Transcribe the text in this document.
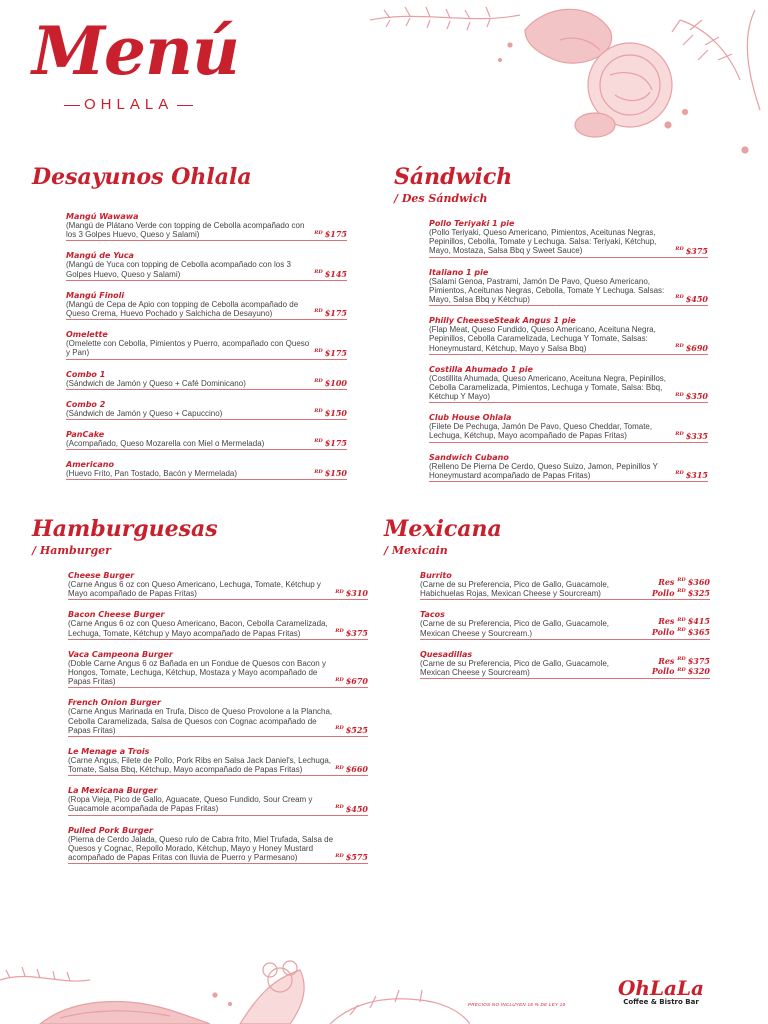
Menú
OHLALA
Desayunos Ohlala
Mangú Wawawa
(Mangú de Plátano Verde con topping de Cebolla acompañado con los 3 Golpes Huevo, Queso y Salami)	$^{RD}$ $175
Mangú de Yuca
(Mangú de Yuca con topping de Cebolla acompañado con los 3 Golpes Huevo, Queso y Salami)	$^{RD}$ $145
Mangú Finoli
(Mangú de Cepa de Apio con topping de Cebolla acompañado de Queso Crema, Huevo Pochado y Salchicha de Desayuno)	$^{RD}$ $175
Omelette
(Omelette con Cebolla, Pimientos y Puerro, acompañado con Queso y Pan)	$^{RD}$ $175
Combo 1
(Sándwich de Jamón y Queso + Café Dominicano)	$^{RD}$ $100
Combo 2
(Sándwich de Jamón y Queso + Capuccino)	$^{RD}$ $150
PanCake
(Acompañado, Queso Mozarella con Miel o Mermelada)	$^{RD}$ $175
Americano
(Huevo Frito, Pan Tostado, Bacón y Mermelada)	$^{RD}$ $150
Sándwich
/ Des Sándwich
Pollo Teriyaki 1 pie
(Pollo Teriyaki, Queso Americano, Pimientos, Aceitunas Negras, Pepinillos, Cebolla, Tomate y Lechuga. Salsa: Teriyaki, Kétchup, Mayo, Mostaza, Salsa Bbq y Sweet Sauce)	$^{RD}$ $375
Italiano 1 pie
(Salami Genoa, Pastrami, Jamón De Pavo, Queso Americano, Pimientos, Aceitunas Negras, Cebolla, Tomate Y Lechuga. Salsas: Mayo, Salsa Bbq y Kétchup)	$^{RD}$ $450
Philly CheesseSteak Angus 1 pie
(Flap Meat, Queso Fundido, Queso Americano, Aceituna Negra, Pepinillos, Cebolla Caramelizada, Lechuga Y Tomate, Salsas: Honeymustard, Kétchup, Mayo y Salsa Bbq)	$^{RD}$ $690
Costilla Ahumado 1 pie
(Costillita Ahumada, Queso Americano, Aceituna Negra, Pepinillos, Cebolla Caramelizada, Pimientos, Lechuga y Tomate, Salsa: Bbq, Kétchup Y Mayo)	$^{RD}$ $350
Club House Ohlala
(Filete De Pechuga, Jamón De Pavo, Queso Cheddar, Tomate, Lechuga, Kétchup, Mayo acompañado de Papas Fritas)	$^{RD}$ $335
Sandwich Cubano
(Relleno De Pierna De Cerdo, Queso Suizo, Jamon, Pepinillos Y Honeymustard acompañado de Papas Fritas)	$^{RD}$ $315
Hamburguesas
/ Hamburger
Cheese Burger
(Carne Angus 6 oz con Queso Americano, Lechuga, Tomate, Kétchup y Mayo acompañado de Papas Fritas)	$^{RD}$ $310
Bacon Cheese Burger
(Carne Angus 6 oz con Queso Americano, Bacon, Cebolla Caramelizada, Lechuga, Tomate, Kétchup y Mayo acompañado de Papas Fritas)	$^{RD}$ $375
Vaca Campeona Burger
(Doble Carne Angus 6 oz Bañada en un Fondue de Quesos con Bacon y Hongos, Tomate, Lechuga, Kétchup, Mostaza y Mayo acompañado de Papas Fritas)	$^{RD}$ $670
French Onion Burger
(Carne Angus Marinada en Trufa, Disco de Queso Provolone a la Plancha, Cebolla Caramelizada, Salsa de Quesos con Cognac acompañado de Papas Fritas)	$^{RD}$ $525
Le Menage a Trois
(Carne Angus, Filete de Pollo, Pork Ribs en Salsa Jack Daniel's, Lechuga, Tomate, Salsa Bbq, Kétchup, Mayo acompañado de Papas Fritas)	$^{RD}$ $660
La Mexicana Burger
(Ropa Vieja, Pico de Gallo, Aguacate, Queso Fundido, Sour Cream y Guacamole acompañada de Papas Fritas)	$^{RD}$ $450
Pulled Pork Burger
(Pierna de Cerdo Jalada, Queso rulo de Cabra frito, Miel Trufada, Salsa de Quesos y Cognac, Repollo Morado, Kétchup, Mayo y Honey Mustard acompañado de Papas Fritas con lluvia de Puerro y Parmesano)	$^{RD}$ $575
Mexicana
/ Mexicain
Burrito
(Carne de su Preferencia, Pico de Gallo, Guacamole, Habichuelas Rojas, Mexican Cheese y Sourcream)
Res $^{RD}$ $360
Pollo $^{RD}$ $325
Tacos
(Carne de su Preferencia, Pico de Gallo, Guacamole, Mexican Cheese y Sourcream.)
Res $^{RD}$ $415
Pollo $^{RD}$ $365
Quesadillas
(Carne de su Preferencia, Pico de Gallo, Guacamole, Mexican Cheese y Sourcream)
Res $^{RD}$ $375
Pollo $^{RD}$ $320
PRECIOS NO INCLUYEN 18 % DE LEY 10
OhLaLa
Coffee & Bistro Bar
